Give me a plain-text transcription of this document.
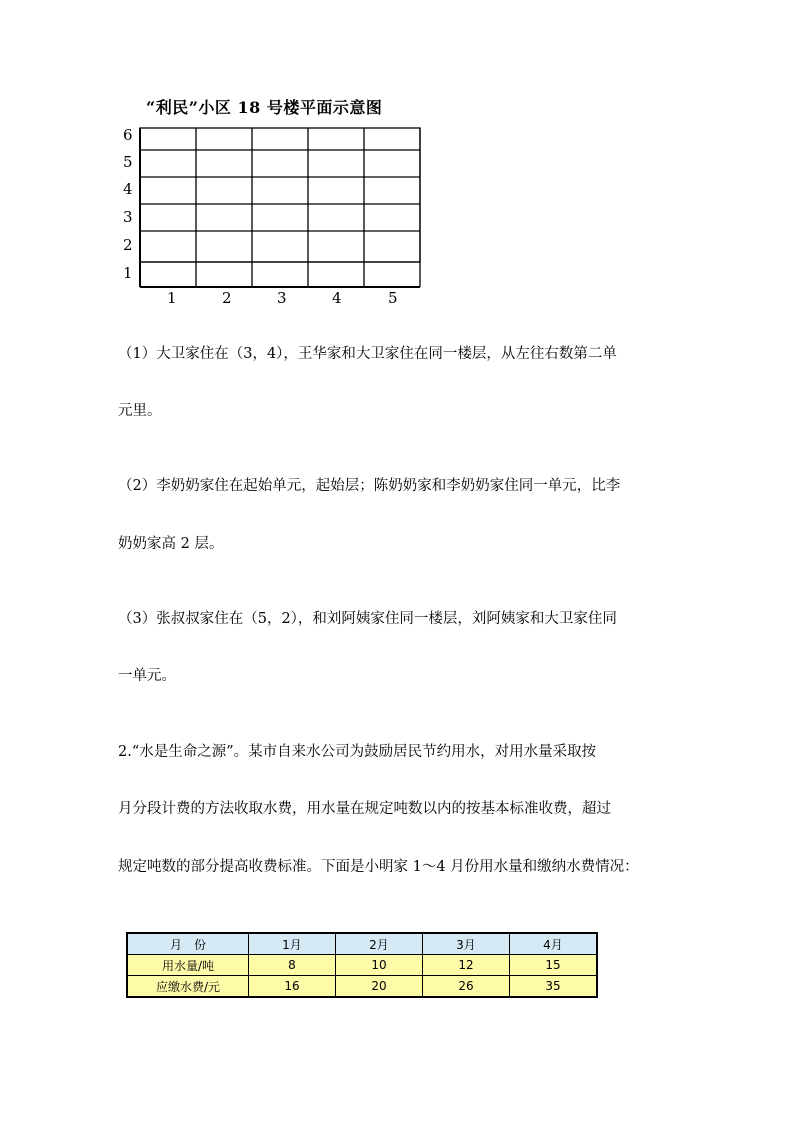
“利民”小区 18 号楼平面示意图
6
5
4
3
2
1
1	2	3	4	5
（1）大卫家住在（3，4），王华家和大卫家住在同一楼层，从左往右数第二单
元里。
（2）李奶奶家住在起始单元，起始层；陈奶奶家和李奶奶家住同一单元，比李
奶奶家高 2 层。
（3）张叔叔家住在（5，2），和刘阿姨家住同一楼层，刘阿姨家和大卫家住同
一单元。
2.“水是生命之源”。某市自来水公司为鼓励居民节约用水，对用水量采取按
月分段计费的方法收取水费，用水量在规定吨数以内的按基本标准收费，超过
规定吨数的部分提高收费标准。下面是小明家 1～4 月份用水量和缴纳水费情况：
月　份	1月	2月	3月	4月
用水量/吨	8	10	12	15
应缴水费/元	16	20	26	35
